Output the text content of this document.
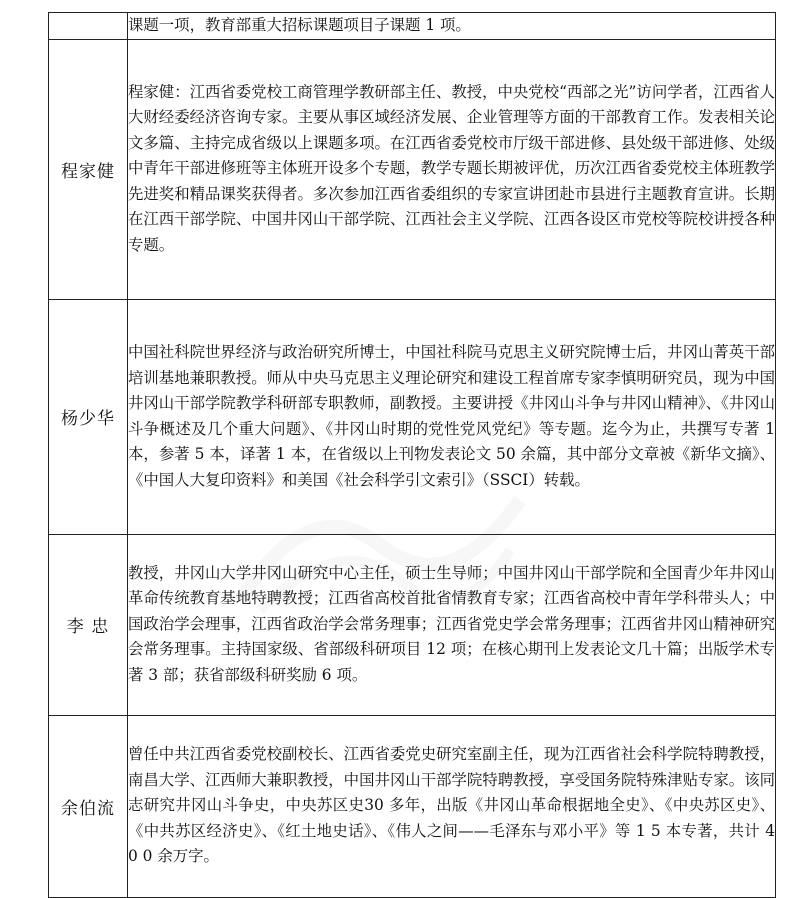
	课题一项，教育部重大招标课题项目子课题 1 项。
程家健	程家健：江西省委党校工商管理学教研部主任、教授，中央党校“西部之光”访问学者，江西省人大财经委经济咨询专家。主要从事区域经济发展、企业管理等方面的干部教育工作。发表相关论文多篇、主持完成省级以上课题多项。在江西省委党校市厅级干部进修、县处级干部进修、处级中青年干部进修班等主体班开设多个专题，教学专题长期被评优，历次江西省委党校主体班教学先进奖和精品课奖获得者。多次参加江西省委组织的专家宣讲团赴市县进行主题教育宣讲。长期在江西干部学院、中国井冈山干部学院、江西社会主义学院、江西各设区市党校等院校讲授各种专题。
杨少华	中国社科院世界经济与政治研究所博士，中国社科院马克思主义研究院博士后，井冈山菁英干部培训基地兼职教授。师从中央马克思主义理论研究和建设工程首席专家李慎明研究员，现为中国井冈山干部学院教学科研部专职教师，副教授。主要讲授《井冈山斗争与井冈山精神》、《井冈山斗争概述及几个重大问题》、《井冈山时期的党性党风党纪》等专题。迄今为止，共撰写专著 1 本，参著 5 本，译著 1 本，在省级以上刊物发表论文 50 余篇，其中部分文章被《新华文摘》、《中国人大复印资料》和美国《社会科学引文索引》（SSCI）转载。
李 忠	教授，井冈山大学井冈山研究中心主任，硕士生导师；中国井冈山干部学院和全国青少年井冈山革命传统教育基地特聘教授；江西省高校首批省情教育专家；江西省高校中青年学科带头人；中国政治学会理事，江西省政治学会常务理事；江西省党史学会常务理事；江西省井冈山精神研究会常务理事。主持国家级、省部级科研项目 12 项；在核心期刊上发表论文几十篇；出版学术专著 3 部；获省部级科研奖励 6 项。
余伯流	曾任中共江西省委党校副校长、江西省委党史研究室副主任，现为江西省社会科学院特聘教授，南昌大学、江西师大兼职教授，中国井冈山干部学院特聘教授，享受国务院特殊津贴专家。该同志研究井冈山斗争史，中央苏区史30 多年，出版《井冈山革命根据地全史》、《中央苏区史》、《中共苏区经济史》、《红土地史话》、《伟人之间——毛泽东与邓小平》等 1 5 本专著，共计 4 0 0 余万字。
